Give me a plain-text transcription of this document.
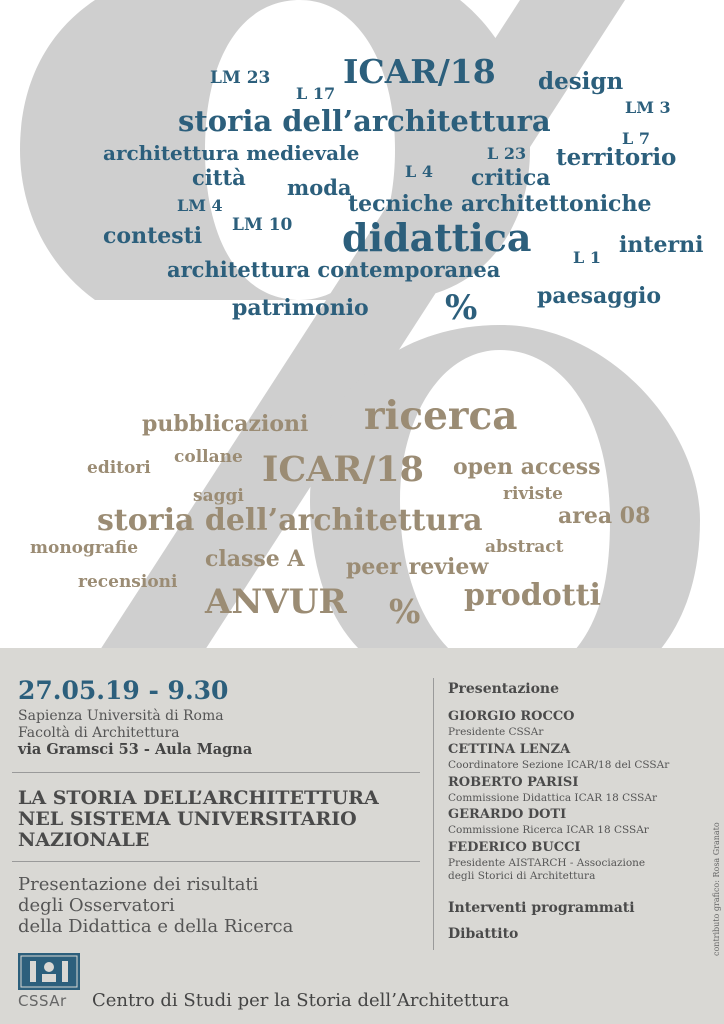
LM 23
L 17
ICAR/18 design
LM 3
storia dell’architettura
L 7
architettura medievale	L 23 territorio
città moda
L 4 critica
LM 4	tecniche architettoniche
contesti LM 10 didattica	interni
L 1
architettura contemporanea
paesaggio
patrimonio %
pubblicazioni ricerca
editori
collane ICAR/18 open access
saggi	riviste
storia dell’architettura	area 08
monografie	classe A	abstract
peer review
recensioni ANVUR % prodotti
27.05.19 - 9.30
Sapienza Università di Roma
Facoltà di Architettura
via Gramsci 53 - Aula Magna
LA STORIA DELL’ARCHITETTURA
NEL SISTEMA UNIVERSITARIO
NAZIONALE
Presentazione dei risultati
degli Osservatori
della Didattica e della Ricerca
Presentazione
GIORGIO ROCCO
Presidente CSSAr
CETTINA LENZA
Coordinatore Sezione ICAR/18 del CSSAr
ROBERTO PARISI
Commissione Didattica ICAR 18 CSSAr
GERARDO DOTI
Commissione Ricerca ICAR 18 CSSAr
FEDERICO BUCCI
Presidente AISTARCH - Associazione
degli Storici di Architettura
Interventi programmati
Dibattito
CSSAr Centro di Studi per la Storia dell’Architettura
contributo grafico: Rosa Granato
